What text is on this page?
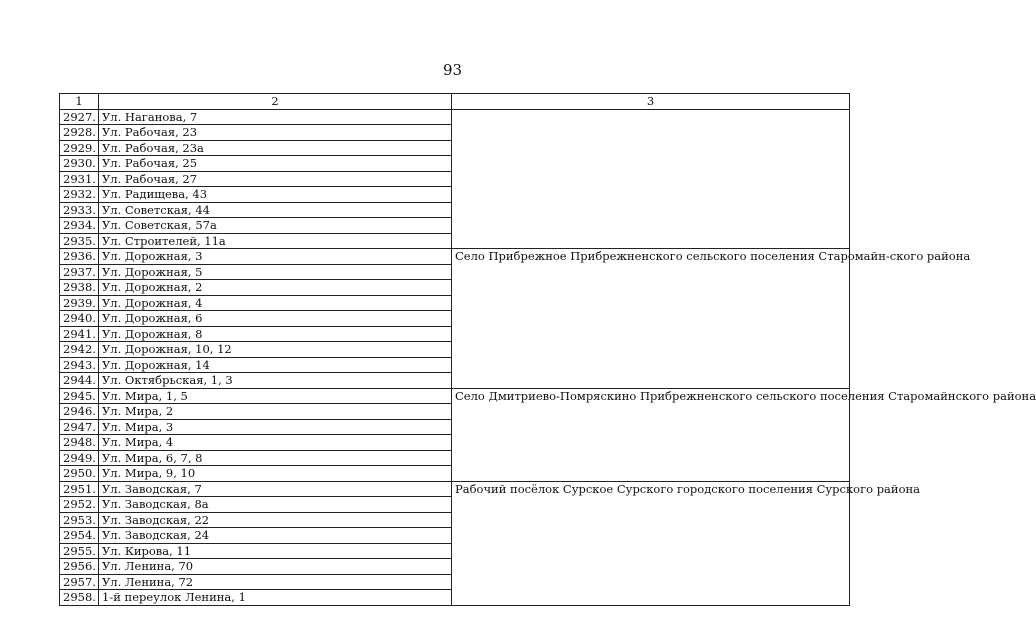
93
1	2	3
2927.	Ул. Наганова, 7	
2928.	Ул. Рабочая, 23	
2929.	Ул. Рабочая, 23а	
2930.	Ул. Рабочая, 25	
2931.	Ул. Рабочая, 27	
2932.	Ул. Радищева, 43	
2933.	Ул. Советская, 44	
2934.	Ул. Советская, 57а	
2935.	Ул. Строителей, 11а	
2936.	Ул. Дорожная, 3	Село Прибрежное Прибрежненского сельского поселения Старомайн-ского района
2937.	Ул. Дорожная, 5	
2938.	Ул. Дорожная, 2	
2939.	Ул. Дорожная, 4	
2940.	Ул. Дорожная, 6	
2941.	Ул. Дорожная, 8	
2942.	Ул. Дорожная, 10, 12	
2943.	Ул. Дорожная, 14	
2944.	Ул. Октябрьская, 1, 3	
2945.	Ул. Мира, 1, 5	Село Дмитриево-Помряскино Прибрежненского сельского поселения Старомайнского района
2946.	Ул. Мира, 2	
2947.	Ул. Мира, 3	
2948.	Ул. Мира, 4	
2949.	Ул. Мира, 6, 7, 8	
2950.	Ул. Мира, 9, 10	
2951.	Ул. Заводская, 7	Рабочий посёлок Сурское Сурского городского поселения Сурского района
2952.	Ул. Заводская, 8а	
2953.	Ул. Заводская, 22	
2954.	Ул. Заводская, 24	
2955.	Ул. Кирова, 11	
2956.	Ул. Ленина, 70	
2957.	Ул. Ленина, 72	
2958.	1-й переулок Ленина, 1	
